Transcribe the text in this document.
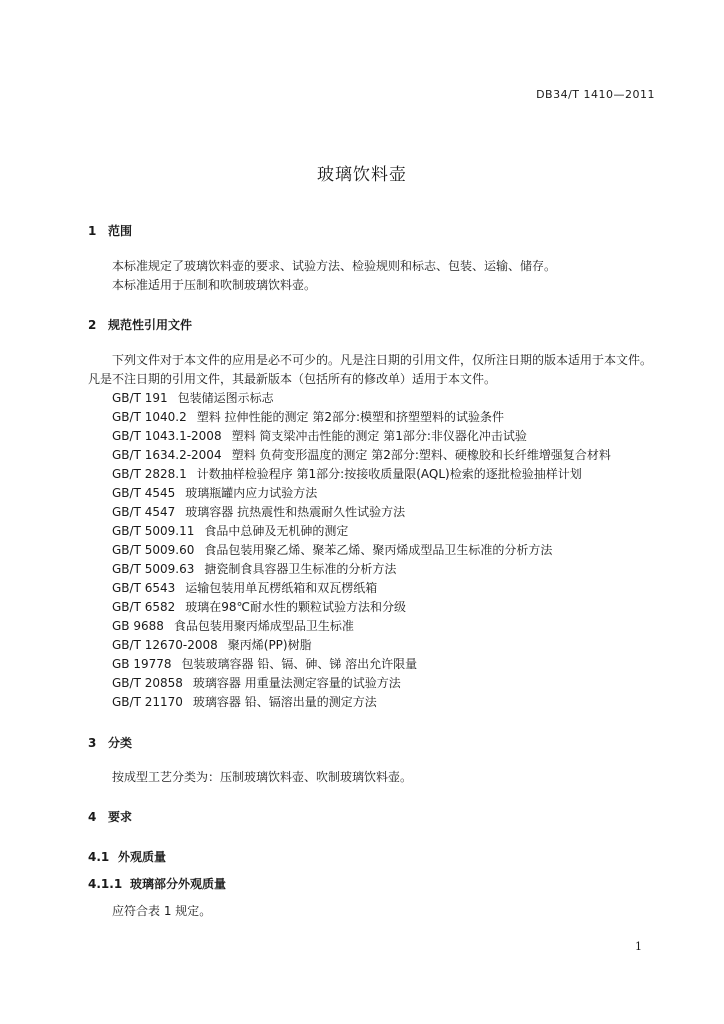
DB34/T 1410—2011
玻璃饮料壶
1 范围
本标准规定了玻璃饮料壶的要求、试验方法、检验规则和标志、包装、运输、储存。
本标准适用于压制和吹制玻璃饮料壶。
2 规范性引用文件
下列文件对于本文件的应用是必不可少的。凡是注日期的引用文件，仅所注日期的版本适用于本文件。凡是不注日期的引用文件，其最新版本（包括所有的修改单）适用于本文件。
GB/T 191 包装储运图示标志
GB/T 1040.2 塑料 拉伸性能的测定 第2部分:模塑和挤塑塑料的试验条件
GB/T 1043.1-2008 塑料 简支梁冲击性能的测定 第1部分:非仪器化冲击试验
GB/T 1634.2-2004 塑料 负荷变形温度的测定 第2部分:塑料、硬橡胶和长纤维增强复合材料
GB/T 2828.1 计数抽样检验程序 第1部分:按接收质量限(AQL)检索的逐批检验抽样计划
GB/T 4545 玻璃瓶罐内应力试验方法
GB/T 4547 玻璃容器 抗热震性和热震耐久性试验方法
GB/T 5009.11 食品中总砷及无机砷的测定
GB/T 5009.60 食品包装用聚乙烯、聚苯乙烯、聚丙烯成型品卫生标准的分析方法
GB/T 5009.63 搪瓷制食具容器卫生标准的分析方法
GB/T 6543 运输包装用单瓦楞纸箱和双瓦楞纸箱
GB/T 6582 玻璃在98℃耐水性的颗粒试验方法和分级
GB 9688 食品包装用聚丙烯成型品卫生标准
GB/T 12670-2008 聚丙烯(PP)树脂
GB 19778 包装玻璃容器 铅、镉、砷、锑 溶出允许限量
GB/T 20858 玻璃容器 用重量法测定容量的试验方法
GB/T 21170 玻璃容器 铅、镉溶出量的测定方法
3 分类
按成型工艺分类为：压制玻璃饮料壶、吹制玻璃饮料壶。
4 要求
4.1 外观质量
4.1.1 玻璃部分外观质量
应符合表 1 规定。
1
